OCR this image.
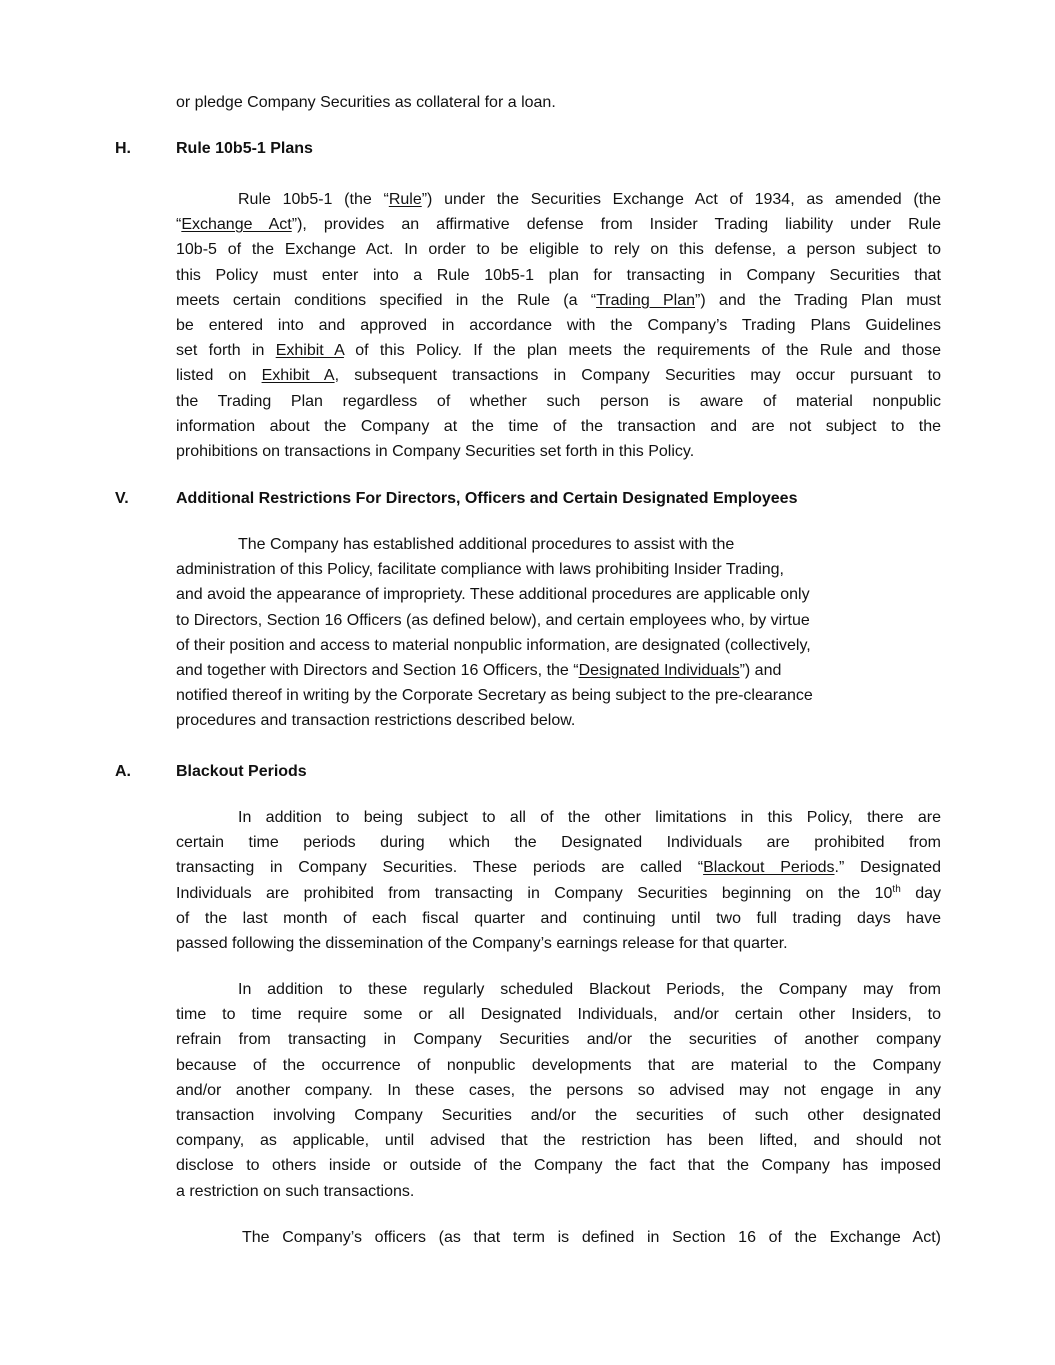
or pledge Company Securities as collateral for a loan.
H.	Rule 10b5-1 Plans
Rule 10b5-1 (the “Rule”) under the Securities Exchange Act of 1934, as amended (the
“Exchange Act”), provides an affirmative defense from Insider Trading liability under Rule
10b-5 of the Exchange Act. In order to be eligible to rely on this defense, a person subject to
this Policy must enter into a Rule 10b5-1 plan for transacting in Company Securities that
meets certain conditions specified in the Rule (a “Trading Plan”) and the Trading Plan must
be entered into and approved in accordance with the Company’s Trading Plans Guidelines
set forth in Exhibit A of this Policy. If the plan meets the requirements of the Rule and those
listed on Exhibit A, subsequent transactions in Company Securities may occur pursuant to
the Trading Plan regardless of whether such person is aware of material nonpublic
information about the Company at the time of the transaction and are not subject to the
prohibitions on transactions in Company Securities set forth in this Policy.
V.	Additional Restrictions For Directors, Officers and Certain Designated Employees
The Company has established additional procedures to assist with the
administration of this Policy, facilitate compliance with laws prohibiting Insider Trading,
and avoid the appearance of impropriety. These additional procedures are applicable only
to Directors, Section 16 Officers (as defined below), and certain employees who, by virtue
of their position and access to material nonpublic information, are designated (collectively,
and together with Directors and Section 16 Officers, the “Designated Individuals”) and
notified thereof in writing by the Corporate Secretary as being subject to the pre-clearance
procedures and transaction restrictions described below.
A.	Blackout Periods
In addition to being subject to all of the other limitations in this Policy, there are
certain time periods during which the Designated Individuals are prohibited from
transacting in Company Securities. These periods are called “Blackout Periods.” Designated
Individuals are prohibited from transacting in Company Securities beginning on the 10th day
of the last month of each fiscal quarter and continuing until two full trading days have
passed following the dissemination of the Company’s earnings release for that quarter.
In addition to these regularly scheduled Blackout Periods, the Company may from
time to time require some or all Designated Individuals, and/or certain other Insiders, to
refrain from transacting in Company Securities and/or the securities of another company
because of the occurrence of nonpublic developments that are material to the Company
and/or another company. In these cases, the persons so advised may not engage in any
transaction involving Company Securities and/or the securities of such other designated
company, as applicable, until advised that the restriction has been lifted, and should not
disclose to others inside or outside of the Company the fact that the Company has imposed
a restriction on such transactions.
The Company’s officers (as that term is defined in Section 16 of the Exchange Act)
